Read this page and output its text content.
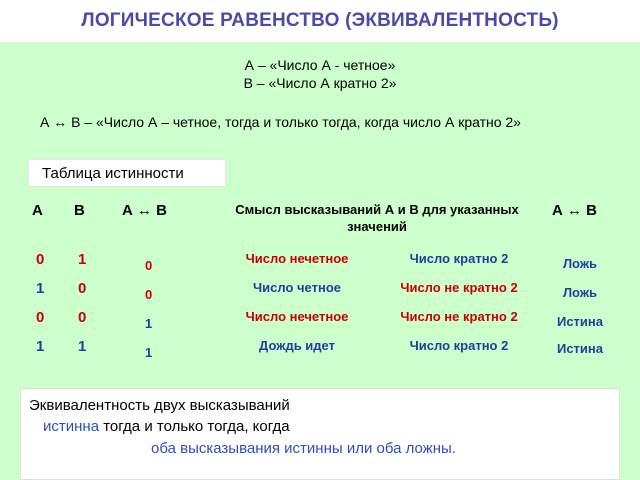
ЛОГИЧЕСКОЕ РАВЕНСТВО (ЭКВИВАЛЕНТНОСТЬ)
А – «Число А - четное»
В – «Число А кратно 2»
А ↔ В – «Число А – четное, тогда и только тогда, когда число А кратно 2»
Таблица истинности
А В А ↔ В	Смысл высказываний А и В для указанных значений
А ↔ В
0 1	0	Число нечетное	Число кратно 2	Ложь
1 0	0	Число четное	Число не кратно 2	Ложь
0 0	1	Число нечетное	Число не кратно 2	Истина
1 1	1	Дождь идет	Число кратно 2	Истина
Эквивалентность двух высказываний
истинна тогда и только тогда, когда
оба высказывания истинны или оба ложны.
